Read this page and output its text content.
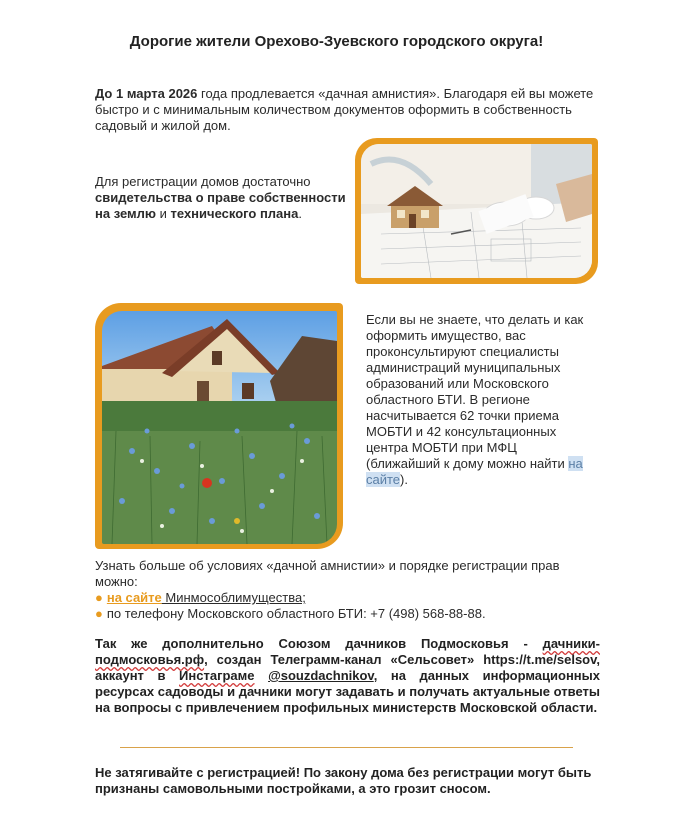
Дорогие жители Орехово-Зуевского городского округа!
До 1 марта 2026 года продлевается «дачная амнистия». Благодаря ей вы можете быстро и с минимальным количеством документов оформить в собственность садовый и жилой дом.
Для регистрации домов достаточно свидетельства о праве собственности на землю и технического плана.
Если вы не знаете, что делать и как оформить имущество, вас проконсультируют специалисты администраций муниципальных образований или Московского областного БТИ. В регионе насчитывается 62 точки приема МОБТИ и 42 консультационных центра МОБТИ при МФЦ (ближайший к дому можно найти на сайте).
Узнать больше об условиях «дачной амнистии» и порядке регистрации прав можно:
● на сайте Минмособлимущества;
● по телефону Московского областного БТИ: +7 (498) 568-88-88.
Так же дополнительно Союзом дачников Подмосковья - дачники-подмосковья.рф, создан Телеграмм-канал «Сельсовет» https://t.me/selsov, аккаунт в Инстаграме @souzdachnikov, на данных информационных ресурсах садоводы и дачники могут задавать и получать актуальные ответы на вопросы с привлечением профильных министерств Московской области.
Не затягивайте с регистрацией! По закону дома без регистрации могут быть признаны самовольными постройками, а это грозит сносом.
